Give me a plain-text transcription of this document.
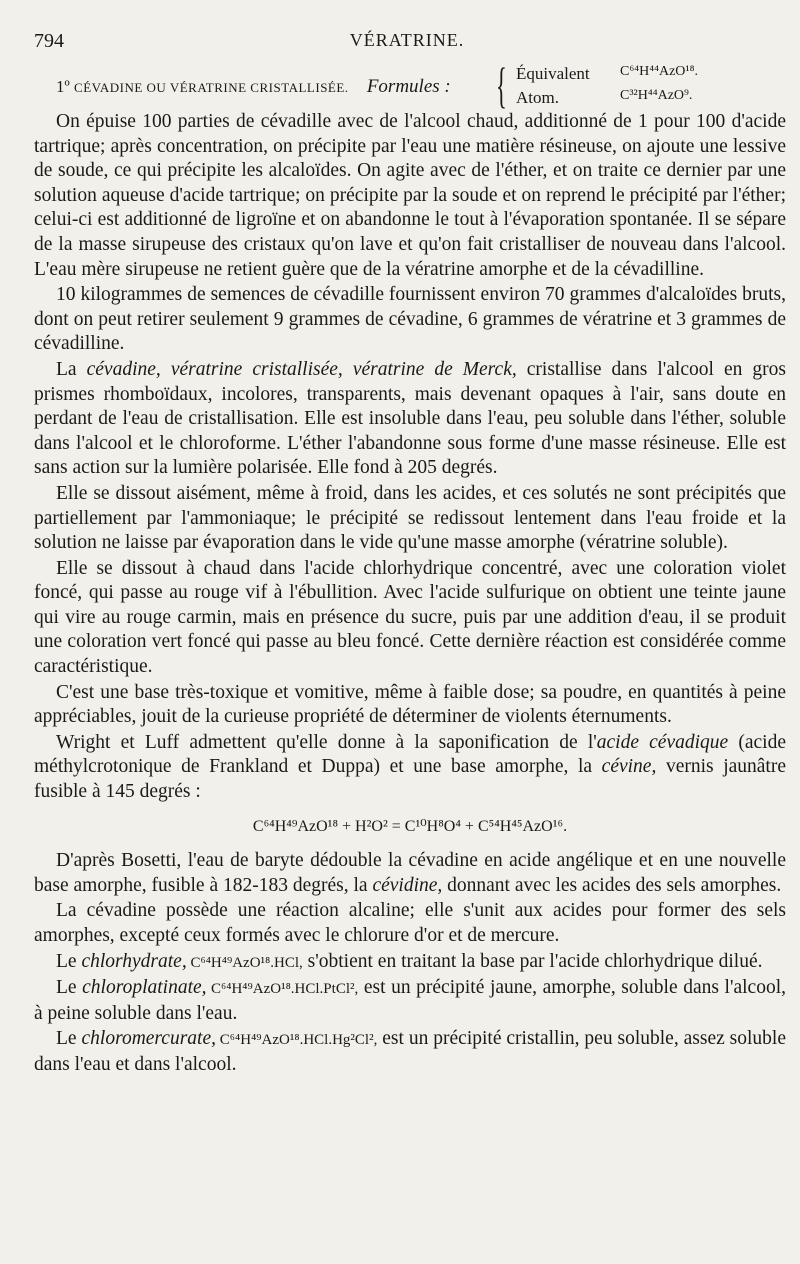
794	VÉRATRINE.
1º CÉVADINE OU VÉRATRINE CRISTALLISÉE. Formules : { Équivalent C⁶⁴H⁴⁴AzO¹⁸.
Atom.	C³²H⁴⁴AzO⁹.

On épuise 100 parties de cévadille avec de l'alcool chaud, additionné de 1 pour 100 d'acide tartrique; après concentration, on précipite par l'eau une matière résineuse, on ajoute une lessive de soude, ce qui précipite les alcaloïdes. On agite avec de l'éther, et on traite ce dernier par une solution aqueuse d'acide tartrique; on précipite par la soude et on reprend le précipité par l'éther; celui-ci est additionné de ligroïne et on abandonne le tout à l'évaporation spontanée. Il se sépare de la masse sirupeuse des cristaux qu'on lave et qu'on fait cristalliser de nouveau dans l'alcool. L'eau mère sirupeuse ne retient guère que de la vératrine amorphe et de la cévadilline.

10 kilogrammes de semences de cévadille fournissent environ 70 grammes d'alcaloïdes bruts, dont on peut retirer seulement 9 grammes de cévadine, 6 grammes de vératrine et 3 grammes de cévadilline.

La cévadine, vératrine cristallisée, vératrine de Merck, cristallise dans l'alcool en gros prismes rhomboïdaux, incolores, transparents, mais devenant opaques à l'air, sans doute en perdant de l'eau de cristallisation. Elle est insoluble dans l'eau, peu soluble dans l'éther, soluble dans l'alcool et le chloroforme. L'éther l'abandonne sous forme d'une masse résineuse. Elle est sans action sur la lumière polarisée. Elle fond à 205 degrés.

Elle se dissout aisément, même à froid, dans les acides, et ces solutés ne sont précipités que partiellement par l'ammoniaque; le précipité se redissout lentement dans l'eau froide et la solution ne laisse par évaporation dans le vide qu'une masse amorphe (vératrine soluble).

Elle se dissout à chaud dans l'acide chlorhydrique concentré, avec une coloration violet foncé, qui passe au rouge vif à l'ébullition. Avec l'acide sulfurique on obtient une teinte jaune qui vire au rouge carmin, mais en présence du sucre, puis par une addition d'eau, il se produit une coloration vert foncé qui passe au bleu foncé. Cette dernière réaction est considérée comme caractéristique.

C'est une base très-toxique et vomitive, même à faible dose; sa poudre, en quantités à peine appréciables, jouit de la curieuse propriété de déterminer de violents éternuments.

Wright et Luff admettent qu'elle donne à la saponification de l'acide cévadique (acide méthylcrotonique de Frankland et Duppa) et une base amorphe, la cévine, vernis jaunâtre fusible à 145 degrés :

C⁶⁴H⁴⁹AzO¹⁸ + H²O² = C¹⁰H⁸O⁴ + C⁵⁴H⁴⁵AzO¹⁶.

D'après Bosetti, l'eau de baryte dédouble la cévadine en acide angélique et en une nouvelle base amorphe, fusible à 182-183 degrés, la cévidine, donnant avec les acides des sels amorphes.

La cévadine possède une réaction alcaline; elle s'unit aux acides pour former des sels amorphes, excepté ceux formés avec le chlorure d'or et de mercure.

Le chlorhydrate, C⁶⁴H⁴⁹AzO¹⁸.HCl, s'obtient en traitant la base par l'acide chlorhydrique dilué.

Le chloroplatinate, C⁶⁴H⁴⁹AzO¹⁸.HCl.PtCl², est un précipité jaune, amorphe, soluble dans l'alcool, à peine soluble dans l'eau.

Le chloromercurate, C⁶⁴H⁴⁹AzO¹⁸.HCl.Hg²Cl², est un précipité cristallin, peu soluble, assez soluble dans l'eau et dans l'alcool.
